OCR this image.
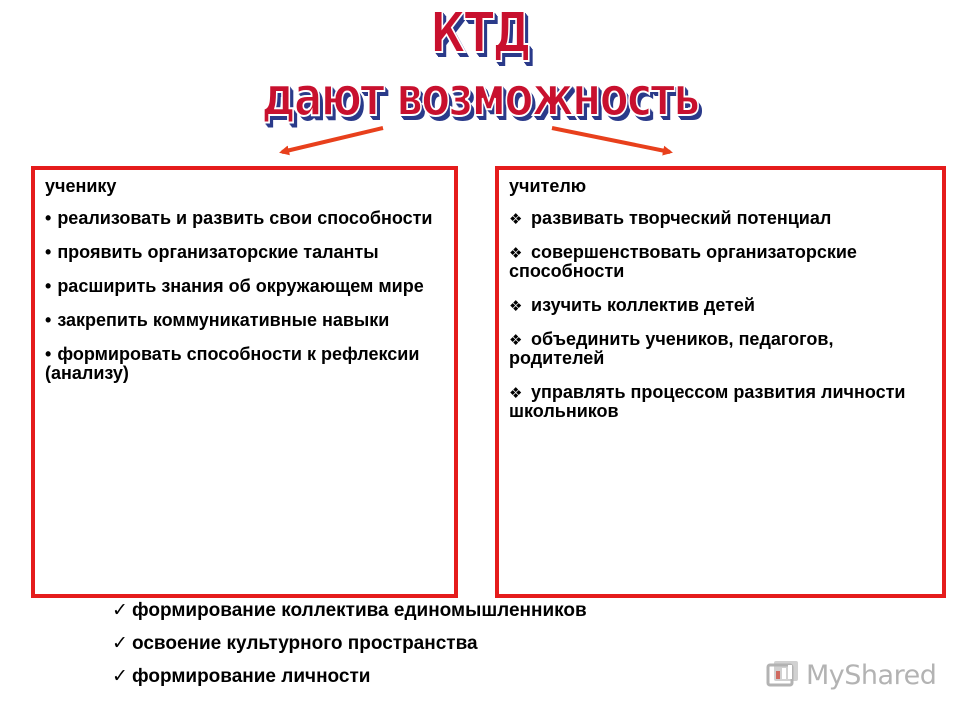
КТД
дают возможность
ученику
• реализовать и развить свои способности
• проявить организаторские таланты
• расширить знания об окружающем мире
• закрепить коммуникативные навыки
• формировать способности к рефлексии (анализу)
учителю
❖ развивать творческий потенциал
❖ совершенствовать организаторские способности
❖ изучить коллектив детей
❖ объединить учеников, педагогов, родителей
❖ управлять процессом развития личности школьников
✓ формирование коллектива единомышленников
✓ освоение культурного пространства
✓ формирование личности	MyShared
